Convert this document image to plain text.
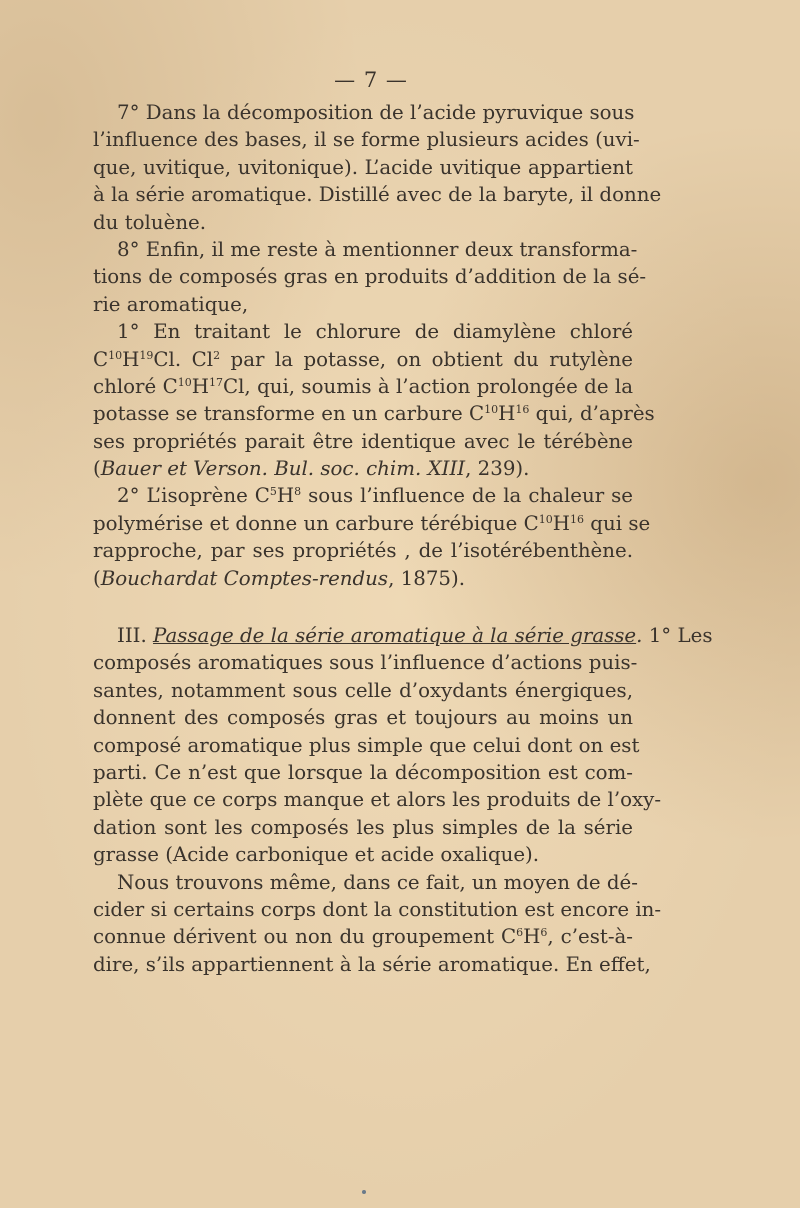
— 7 —
7° Dans la décomposition de l’acide pyruvique sous
l’influence des bases, il se forme plusieurs acides (uvi-
que, uvitique, uvitonique). L’acide uvitique appartient
à la série aromatique. Distillé avec de la baryte, il donne
du toluène.
8° Enfin, il me reste à mentionner deux transforma-
tions de composés gras en produits d’addition de la sé-
rie aromatique,
1° En traitant le chlorure de diamylène chloré
$C^{10}H^{19}Cl$. Cl$^2$ par la potasse, on obtient du rutylène
chloré $C^{10}H^{17}Cl$, qui, soumis à l’action prolongée de la
potasse se transforme en un carbure $C^{10}H^{16}$ qui, d’après
ses propriétés parait être identique avec le térébène
(Bauer et Verson. Bul. soc. chim. XIII, 239).
2° L’isoprène $C^5H^8$ sous l’influence de la chaleur se
polymérise et donne un carbure térébique $C^{10}H^{16}$ qui se
rapproche, par ses propriétés , de l’isotérébenthène.
(Bouchardat Comptes-rendus, 1875).
III. Passage de la série aromatique à la série grasse. 1° Les
composés aromatiques sous l’influence d’actions puis-
santes, notamment sous celle d’oxydants énergiques,
donnent des composés gras et toujours au moins un
composé aromatique plus simple que celui dont on est
parti. Ce n’est que lorsque la décomposition est com-
plète que ce corps manque et alors les produits de l’oxy-
dation sont les composés les plus simples de la série
grasse (Acide carbonique et acide oxalique).
Nous trouvons même, dans ce fait, un moyen de dé-
cider si certains corps dont la constitution est encore in-
connue dérivent ou non du groupement $C^6H^6$, c’est-à-
dire, s’ils appartiennent à la série aromatique. En effet,
